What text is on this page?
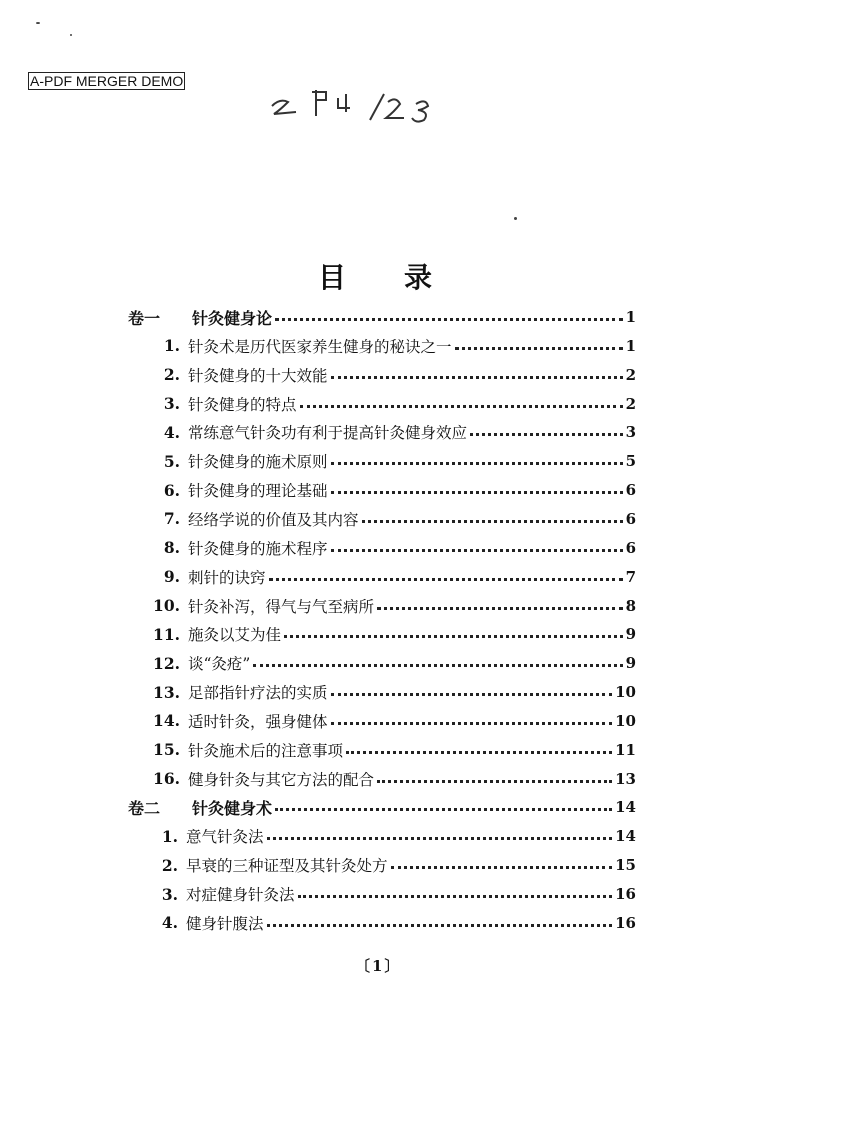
A-PDF MERGER DEMO
目 录
卷一	针灸健身论	1
1. 针灸术是历代医家养生健身的秘诀之一	1
2. 针灸健身的十大效能	2
3. 针灸健身的特点	2
4. 常练意气针灸功有利于提高针灸健身效应	3
5. 针灸健身的施术原则	5
6. 针灸健身的理论基础	6
7. 经络学说的价值及其内容	6
8. 针灸健身的施术程序	6
9. 刺针的诀窍	7
10. 针灸补泻，得气与气至病所	8
11. 施灸以艾为佳	9
12. 谈“灸疮”	9
13. 足部指针疗法的实质	10
14. 适时针灸，强身健体	10
15. 针灸施术后的注意事项	11
16. 健身针灸与其它方法的配合	13
卷二	针灸健身术	14
1. 意气针灸法	14
2. 早衰的三种证型及其针灸处方	15
3. 对症健身针灸法	16
4. 健身针腹法	16
〔1〕
